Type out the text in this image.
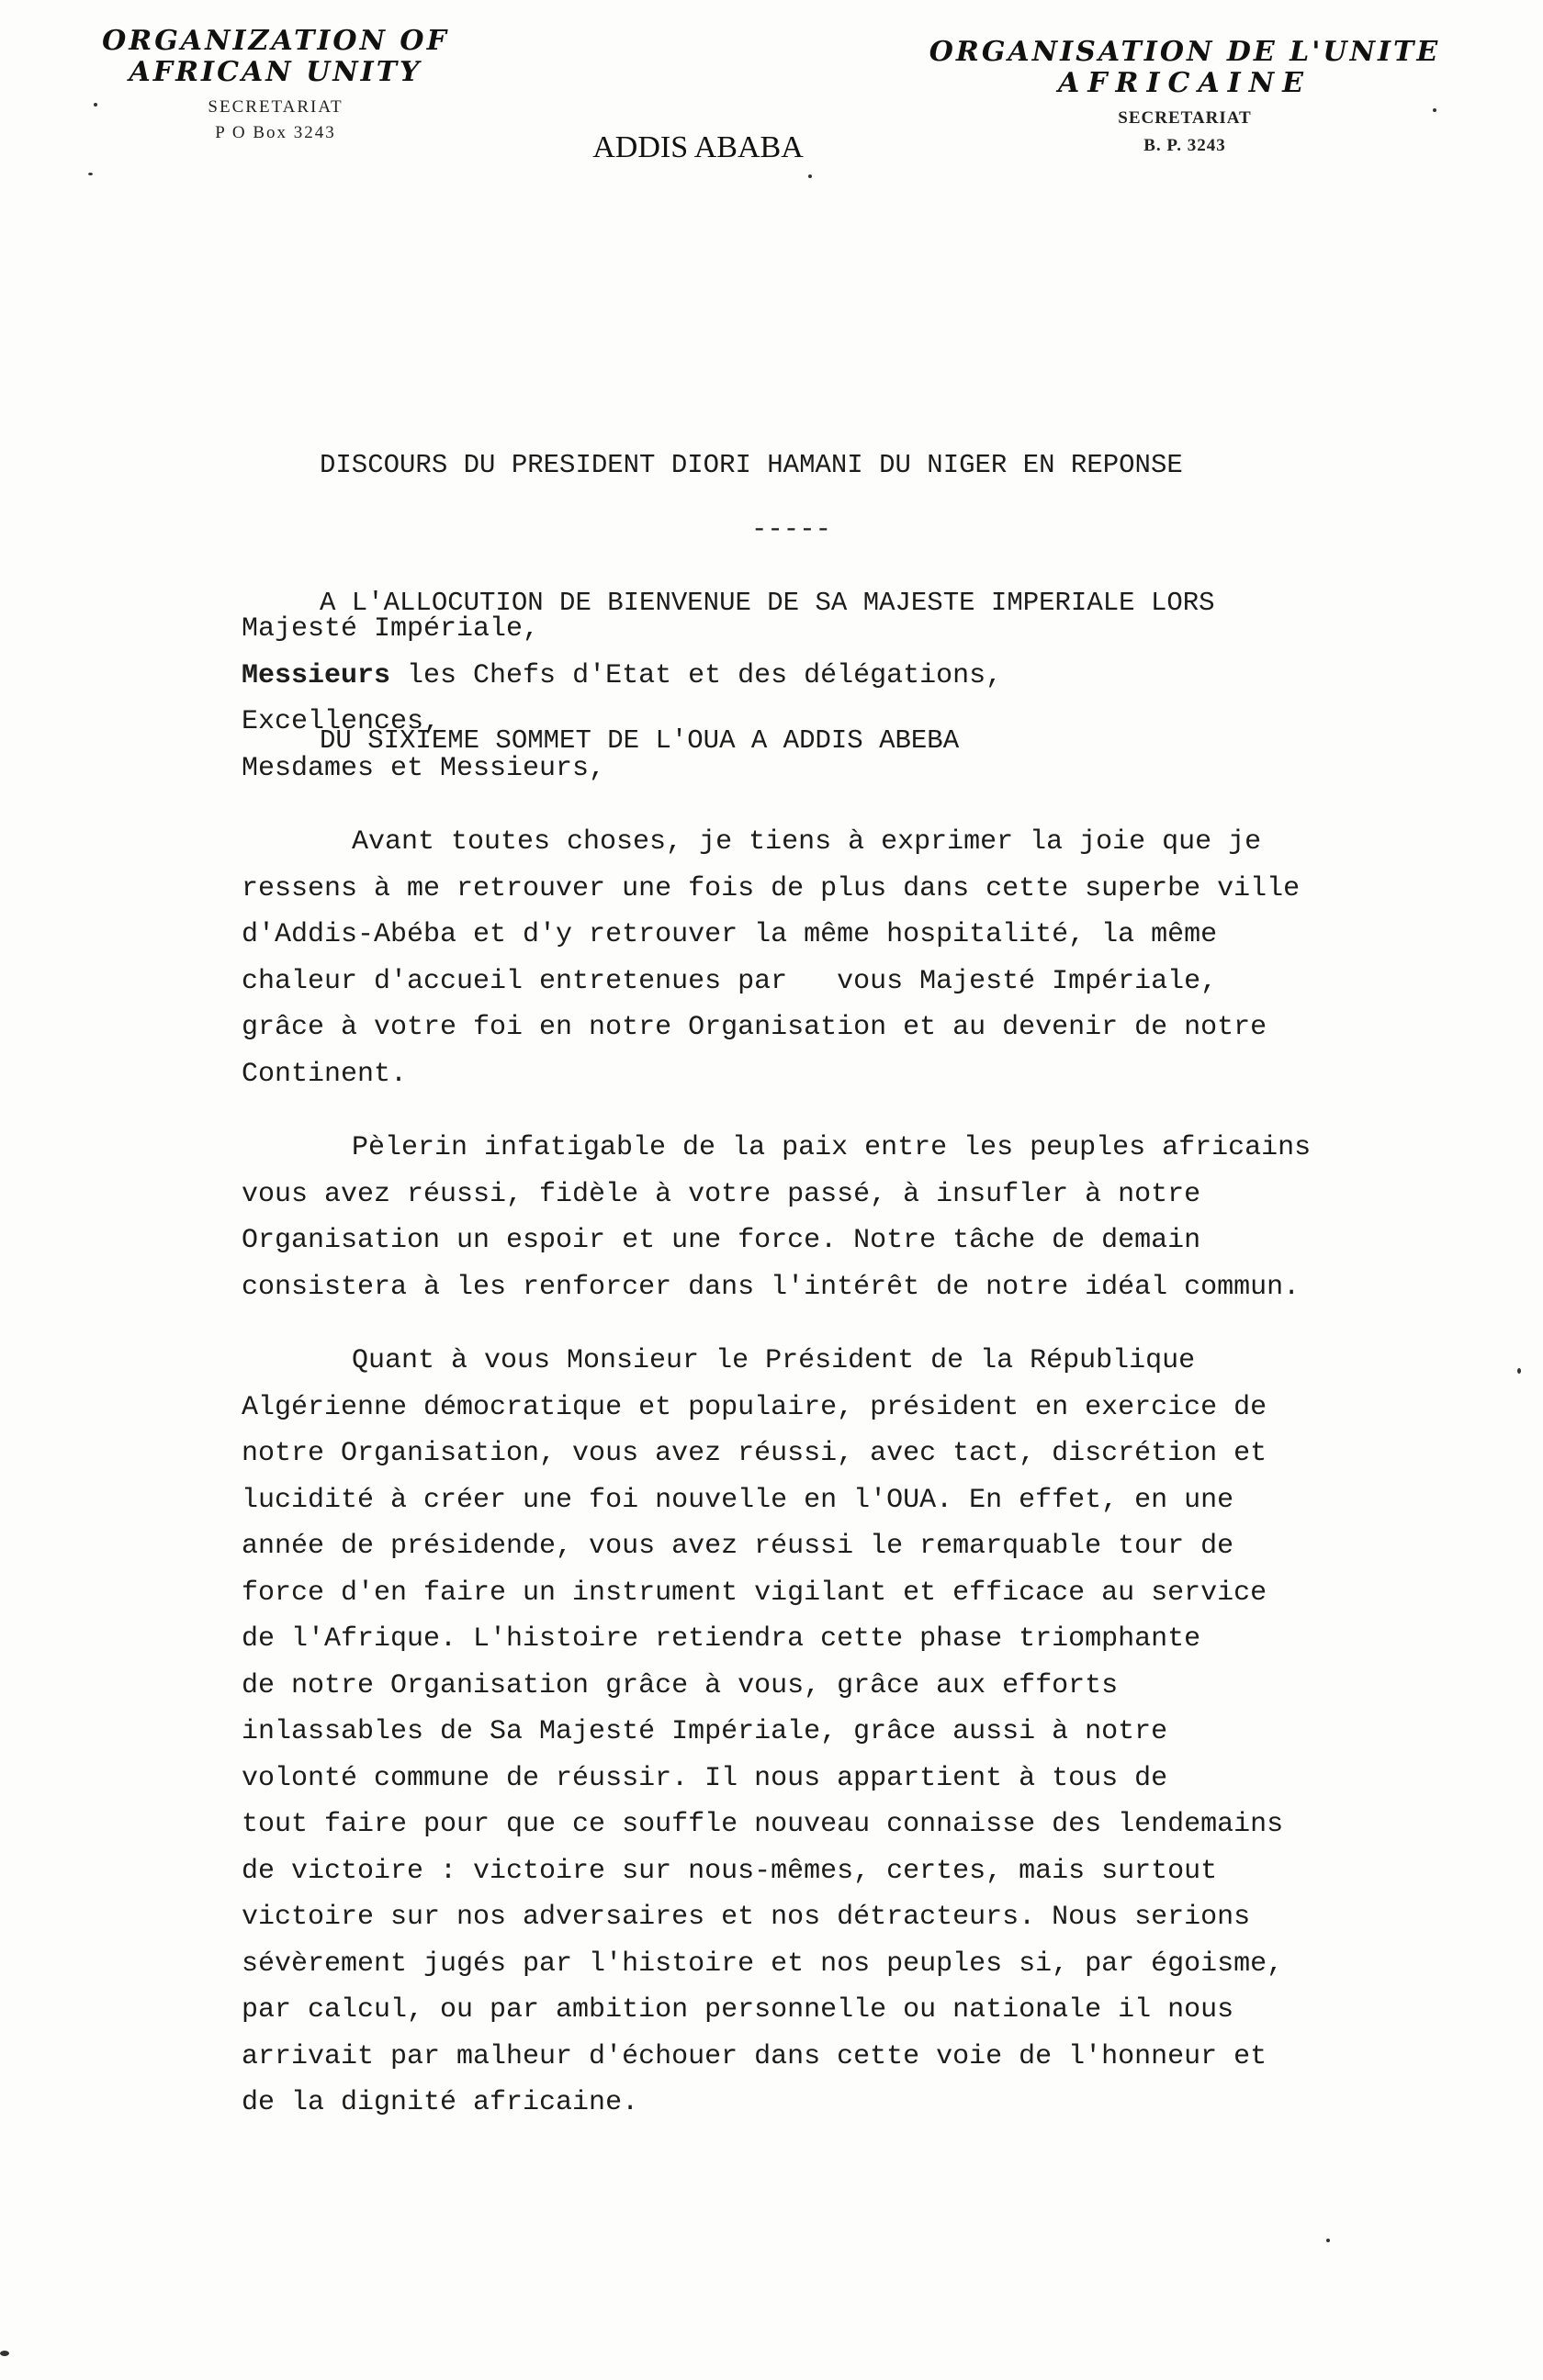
ORGANIZATION OF
AFRICAN UNITY
SECRETARIAT
P O Box 3243	ADDIS ABABA
ORGANISATION DE L'UNITE
AFRICAINE
SECRETARIAT
B. P. 3243

DISCOURS DU PRESIDENT DIORI HAMANI DU NIGER EN REPONSE

A L'ALLOCUTION DE BIENVENUE DE SA MAJESTE IMPERIALE LORS

DU SIXIEME SOMMET DE L'OUA A ADDIS ABEBA

-----
Majesté Impériale,
Messieurs les Chefs d'Etat et des délégations,
Excellences,
Mesdames et Messieurs,
Avant toutes choses, je tiens à exprimer la joie que je
ressens à me retrouver une fois de plus dans cette superbe ville
d'Addis-Abéba et d'y retrouver la même hospitalité, la même
chaleur d'accueil entretenues par   vous Majesté Impériale,
grâce à votre foi en notre Organisation et au devenir de notre
Continent.
Pèlerin infatigable de la paix entre les peuples africains
vous avez réussi, fidèle à votre passé, à insufler à notre
Organisation un espoir et une force. Notre tâche de demain
consistera à les renforcer dans l'intérêt de notre idéal commun.
Quant à vous Monsieur le Président de la République
Algérienne démocratique et populaire, président en exercice de
notre Organisation, vous avez réussi, avec tact, discrétion et
lucidité à créer une foi nouvelle en l'OUA. En effet, en une
année de présidende, vous avez réussi le remarquable tour de
force d'en faire un instrument vigilant et efficace au service
de l'Afrique. L'histoire retiendra cette phase triomphante
de notre Organisation grâce à vous, grâce aux efforts
inlassables de Sa Majesté Impériale, grâce aussi à notre
volonté commune de réussir. Il nous appartient à tous de
tout faire pour que ce souffle nouveau connaisse des lendemains
de victoire : victoire sur nous-mêmes, certes, mais surtout
victoire sur nos adversaires et nos détracteurs. Nous serions
sévèrement jugés par l'histoire et nos peuples si, par égoisme,
par calcul, ou par ambition personnelle ou nationale il nous
arrivait par malheur d'échouer dans cette voie de l'honneur et
de la dignité africaine.
